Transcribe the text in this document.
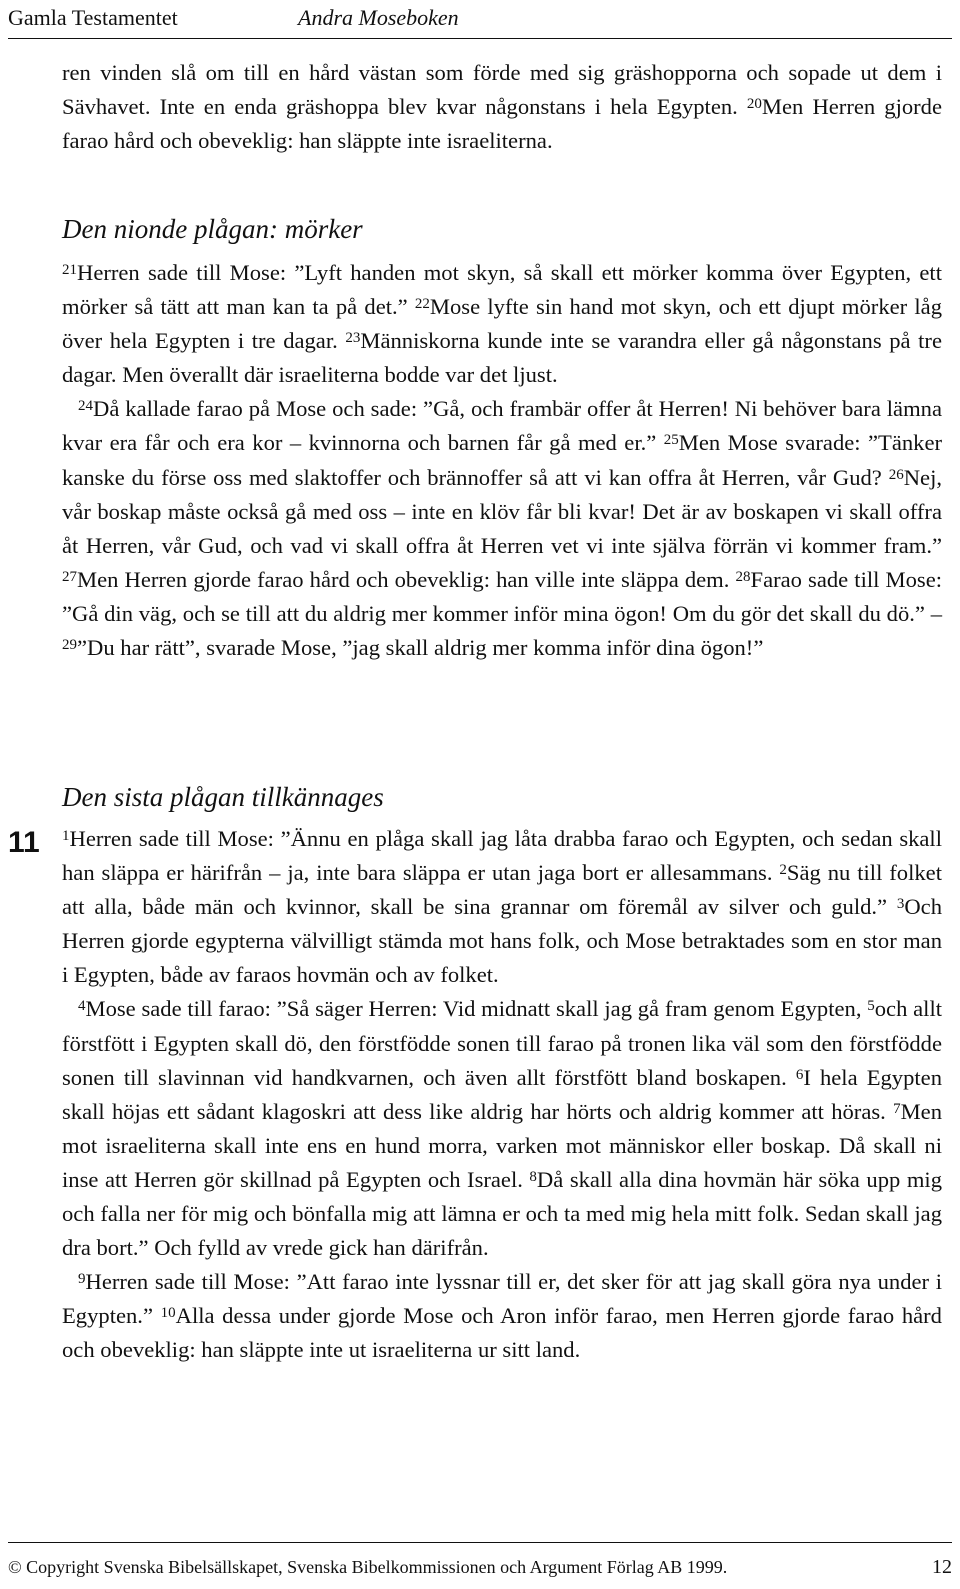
Gamla Testamentet	Andra Moseboken

ren vinden slå om till en hård västan som förde med sig gräshopporna och sopade ut dem i Sävhavet. Inte en enda gräshoppa blev kvar någonstans i hela Egypten. $^{20}$Men Herren gjorde farao hård och obeveklig: han släppte inte israeliterna.

Den nionde plågan: mörker

$^{21}$Herren sade till Mose: ”Lyft handen mot skyn, så skall ett mörker komma över Egypten, ett mörker så tätt att man kan ta på det.” $^{22}$Mose lyfte sin hand mot skyn, och ett djupt mörker låg över hela Egypten i tre dagar. $^{23}$Människorna kunde inte se varandra eller gå någonstans på tre dagar. Men överallt där israeliterna bodde var det ljust.

$^{24}$Då kallade farao på Mose och sade: ”Gå, och frambär offer åt Herren! Ni behöver bara lämna kvar era får och era kor – kvinnorna och barnen får gå med er.” $^{25}$Men Mose svarade: ”Tänker kanske du förse oss med slaktoffer och brännoffer så att vi kan offra åt Herren, vår Gud? $^{26}$Nej, vår boskap måste också gå med oss – inte en klöv får bli kvar! Det är av boskapen vi skall offra åt Herren, vår Gud, och vad vi skall offra åt Herren vet vi inte själva förrän vi kommer fram.” $^{27}$Men Herren gjorde farao hård och obeveklig: han ville inte släppa dem. $^{28}$Farao sade till Mose: ”Gå din väg, och se till att du aldrig mer kommer inför mina ögon! Om du gör det skall du dö.” – $^{29}$”Du har rätt”, svarade Mose, ”jag skall aldrig mer komma inför dina ögon!”

Den sista plågan tillkännages
11 $^1$Herren sade till Mose: ”Ännu en plåga skall jag låta drabba farao och Egypten, och sedan skall han släppa er härifrån – ja, inte bara släppa er utan jaga bort er allesammans. $^2$Säg nu till folket att alla, både män och kvinnor, skall be sina grannar om föremål av silver och guld.” $^3$Och Herren gjorde egypterna välvilligt stämda mot hans folk, och Mose betraktades som en stor man i Egypten, både av faraos hovmän och av folket.

$^4$Mose sade till farao: ”Så säger Herren: Vid midnatt skall jag gå fram genom Egypten, $^5$och allt förstfött i Egypten skall dö, den förstfödde sonen till farao på tronen lika väl som den förstfödde sonen till slavinnan vid handkvarnen, och även allt förstfött bland boskapen. $^6$I hela Egypten skall höjas ett sådant klagoskri att dess like aldrig har hörts och aldrig kommer att höras. $^7$Men mot israeliterna skall inte ens en hund morra, varken mot människor eller boskap. Då skall ni inse att Herren gör skillnad på Egypten och Israel. $^8$Då skall alla dina hovmän här söka upp mig och falla ner för mig och bönfalla mig att lämna er och ta med mig hela mitt folk. Sedan skall jag dra bort.” Och fylld av vrede gick han därifrån.

$^9$Herren sade till Mose: ”Att farao inte lyssnar till er, det sker för att jag skall göra nya under i Egypten.” $^{10}$Alla dessa under gjorde Mose och Aron inför farao, men Herren gjorde farao hård och obeveklig: han släppte inte ut israeliterna ur sitt land.

© Copyright Svenska Bibelsällskapet, Svenska Bibelkommissionen och Argument Förlag AB 1999.	12
